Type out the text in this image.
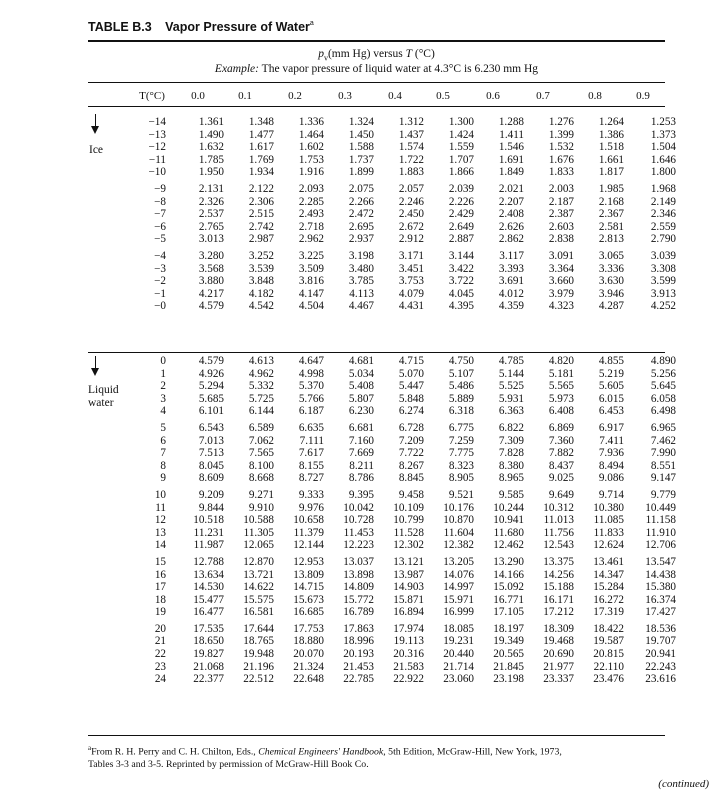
TABLE B.3 Vapor Pressure of Water$^a$
$p_v(mm$ Hg) versus T (°C)
Example: The vapor pressure of liquid water at 4.3°C is 6.230 mm Hg
T(°C)	0.0	0.1	0.2	0.3	0.4	0.5	0.6	0.7	0.8	0.9
Ice
−14	1.361	1.348	1.336	1.324	1.312	1.300	1.288	1.276	1.264	1.253
−13	1.490	1.477	1.464	1.450	1.437	1.424	1.411	1.399	1.386	1.373
−12	1.632	1.617	1.602	1.588	1.574	1.559	1.546	1.532	1.518	1.504
−11	1.785	1.769	1.753	1.737	1.722	1.707	1.691	1.676	1.661	1.646
−10	1.950	1.934	1.916	1.899	1.883	1.866	1.849	1.833	1.817	1.800

−9	2.131	2.122	2.093	2.075	2.057	2.039	2.021	2.003	1.985	1.968
−8	2.326	2.306	2.285	2.266	2.246	2.226	2.207	2.187	2.168	2.149
−7	2.537	2.515	2.493	2.472	2.450	2.429	2.408	2.387	2.367	2.346
−6	2.765	2.742	2.718	2.695	2.672	2.649	2.626	2.603	2.581	2.559
−5	3.013	2.987	2.962	2.937	2.912	2.887	2.862	2.838	2.813	2.790

−4	3.280	3.252	3.225	3.198	3.171	3.144	3.117	3.091	3.065	3.039
−3	3.568	3.539	3.509	3.480	3.451	3.422	3.393	3.364	3.336	3.308
−2	3.880	3.848	3.816	3.785	3.753	3.722	3.691	3.660	3.630	3.599
−1	4.217	4.182	4.147	4.113	4.079	4.045	4.012	3.979	3.946	3.913
−0	4.579	4.542	4.504	4.467	4.431	4.395	4.359	4.323	4.287	4.252
Liquid
water
0	4.579	4.613	4.647	4.681	4.715	4.750	4.785	4.820	4.855	4.890
1	4.926	4.962	4.998	5.034	5.070	5.107	5.144	5.181	5.219	5.256
2	5.294	5.332	5.370	5.408	5.447	5.486	5.525	5.565	5.605	5.645
3	5.685	5.725	5.766	5.807	5.848	5.889	5.931	5.973	6.015	6.058
4	6.101	6.144	6.187	6.230	6.274	6.318	6.363	6.408	6.453	6.498

5	6.543	6.589	6.635	6.681	6.728	6.775	6.822	6.869	6.917	6.965
6	7.013	7.062	7.111	7.160	7.209	7.259	7.309	7.360	7.411	7.462
7	7.513	7.565	7.617	7.669	7.722	7.775	7.828	7.882	7.936	7.990
8	8.045	8.100	8.155	8.211	8.267	8.323	8.380	8.437	8.494	8.551
9	8.609	8.668	8.727	8.786	8.845	8.905	8.965	9.025	9.086	9.147

10	9.209	9.271	9.333	9.395	9.458	9.521	9.585	9.649	9.714	9.779
11	9.844	9.910	9.976	10.042	10.109	10.176	10.244	10.312	10.380	10.449
12	10.518	10.588	10.658	10.728	10.799	10.870	10.941	11.013	11.085	11.158
13	11.231	11.305	11.379	11.453	11.528	11.604	11.680	11.756	11.833	11.910
14	11.987	12.065	12.144	12.223	12.302	12.382	12.462	12.543	12.624	12.706

15	12.788	12.870	12.953	13.037	13.121	13.205	13.290	13.375	13.461	13.547
16	13.634	13.721	13.809	13.898	13.987	14.076	14.166	14.256	14.347	14.438
17	14.530	14.622	14.715	14.809	14.903	14.997	15.092	15.188	15.284	15.380
18	15.477	15.575	15.673	15.772	15.871	15.971	16.771	16.171	16.272	16.374
19	16.477	16.581	16.685	16.789	16.894	16.999	17.105	17.212	17.319	17.427

20	17.535	17.644	17.753	17.863	17.974	18.085	18.197	18.309	18.422	18.536
21	18.650	18.765	18.880	18.996	19.113	19.231	19.349	19.468	19.587	19.707
22	19.827	19.948	20.070	20.193	20.316	20.440	20.565	20.690	20.815	20.941
23	21.068	21.196	21.324	21.453	21.583	21.714	21.845	21.977	22.110	22.243
24	22.377	22.512	22.648	22.785	22.922	23.060	23.198	23.337	23.476	23.616
$^a$From R. H. Perry and C. H. Chilton, Eds., Chemical Engineers' Handbook, 5th Edition, McGraw-Hill, New York, 1973,
Tables 3-3 and 3-5. Reprinted by permission of McGraw-Hill Book Co.
(continued)
